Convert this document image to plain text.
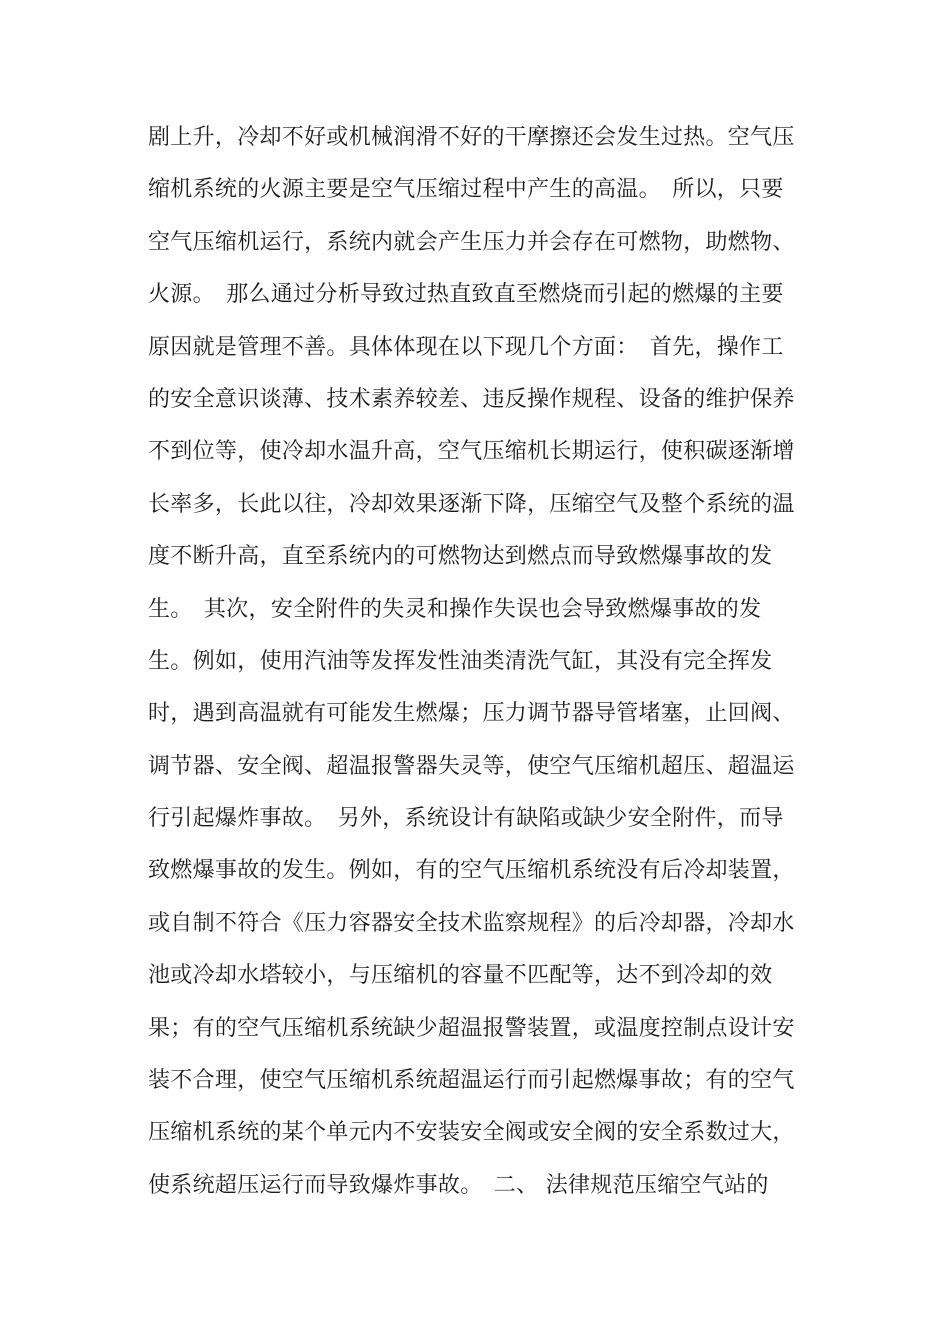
剧上升，冷却不好或机械润滑不好的干摩擦还会发生过热。空气压
缩机系统的火源主要是空气压缩过程中产生的高温。　所以，只要
空气压缩机运行，系统内就会产生压力并会存在可燃物，助燃物、
火源。　那么通过分析导致过热直致直至燃烧而引起的燃爆的主要
原因就是管理不善。具体体现在以下现几个方面：　首先，操作工
的安全意识谈薄、技术素养较差、违反操作规程、设备的维护保养
不到位等，使冷却水温升高，空气压缩机长期运行，使积碳逐渐增
长率多，长此以往，冷却效果逐渐下降，压缩空气及整个系统的温
度不断升高，直至系统内的可燃物达到燃点而导致燃爆事故的发
生。　其次，安全附件的失灵和操作失误也会导致燃爆事故的发
生。例如，使用汽油等发挥发性油类清洗气缸，其没有完全挥发
时，遇到高温就有可能发生燃爆；压力调节器导管堵塞，止回阀、
调节器、安全阀、超温报警器失灵等，使空气压缩机超压、超温运
行引起爆炸事故。　另外，系统设计有缺陷或缺少安全附件，而导
致燃爆事故的发生。例如，有的空气压缩机系统没有后冷却装置，
或自制不符合《压力容器安全技术监察规程》的后冷却器，冷却水
池或冷却水塔较小，与压缩机的容量不匹配等，达不到冷却的效
果；有的空气压缩机系统缺少超温报警装置，或温度控制点设计安
装不合理，使空气压缩机系统超温运行而引起燃爆事故；有的空气
压缩机系统的某个单元内不安装安全阀或安全阀的安全系数过大，
使系统超压运行而导致爆炸事故。　二、 法律规范压缩空气站的
